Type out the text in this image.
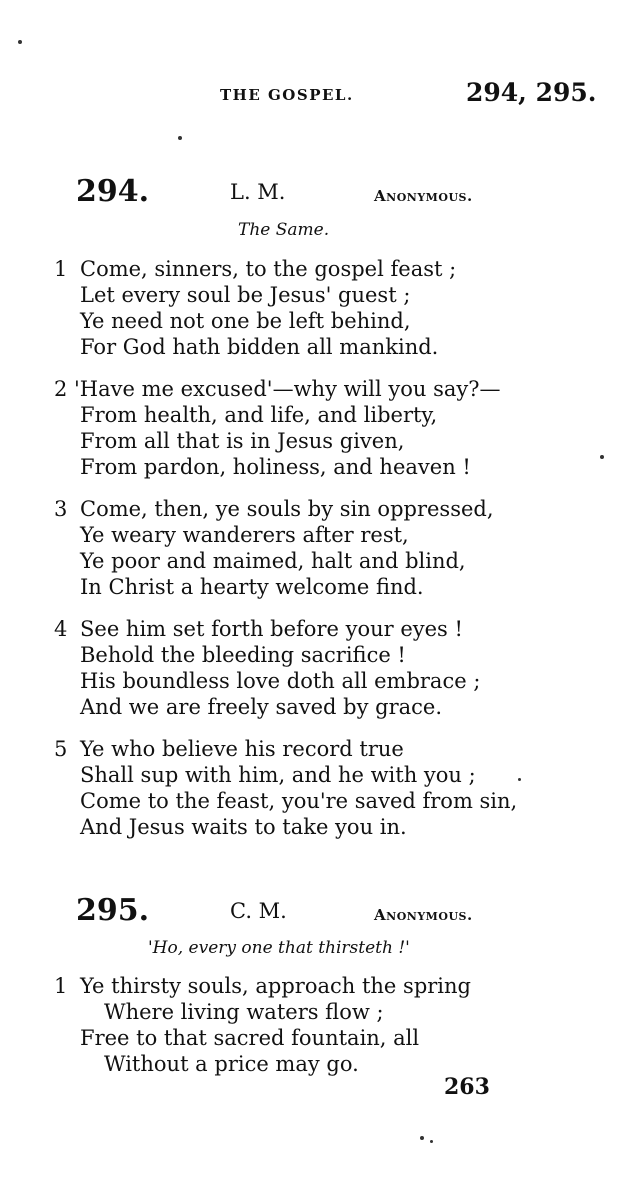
THE GOSPEL.	294, 295.
294.	L. M.	Anonymous.
The Same.
1 Come, sinners, to the gospel feast ;
Let every soul be Jesus' guest ;
Ye need not one be left behind,
For God hath bidden all mankind.
2 'Have me excused'—why will you say?—
From health, and life, and liberty,
From all that is in Jesus given,
From pardon, holiness, and heaven !
3 Come, then, ye souls by sin oppressed,
Ye weary wanderers after rest,
Ye poor and maimed, halt and blind,
In Christ a hearty welcome find.
4 See him set forth before your eyes !
Behold the bleeding sacrifice !
His boundless love doth all embrace ;
And we are freely saved by grace.
5 Ye who believe his record true
Shall sup with him, and he with you ;
Come to the feast, you're saved from sin,
And Jesus waits to take you in.
295.	C. M.	Anonymous.
'Ho, every one that thirsteth !'
1 Ye thirsty souls, approach the spring
Where living waters flow ;
Free to that sacred fountain, all
Without a price may go.
263
